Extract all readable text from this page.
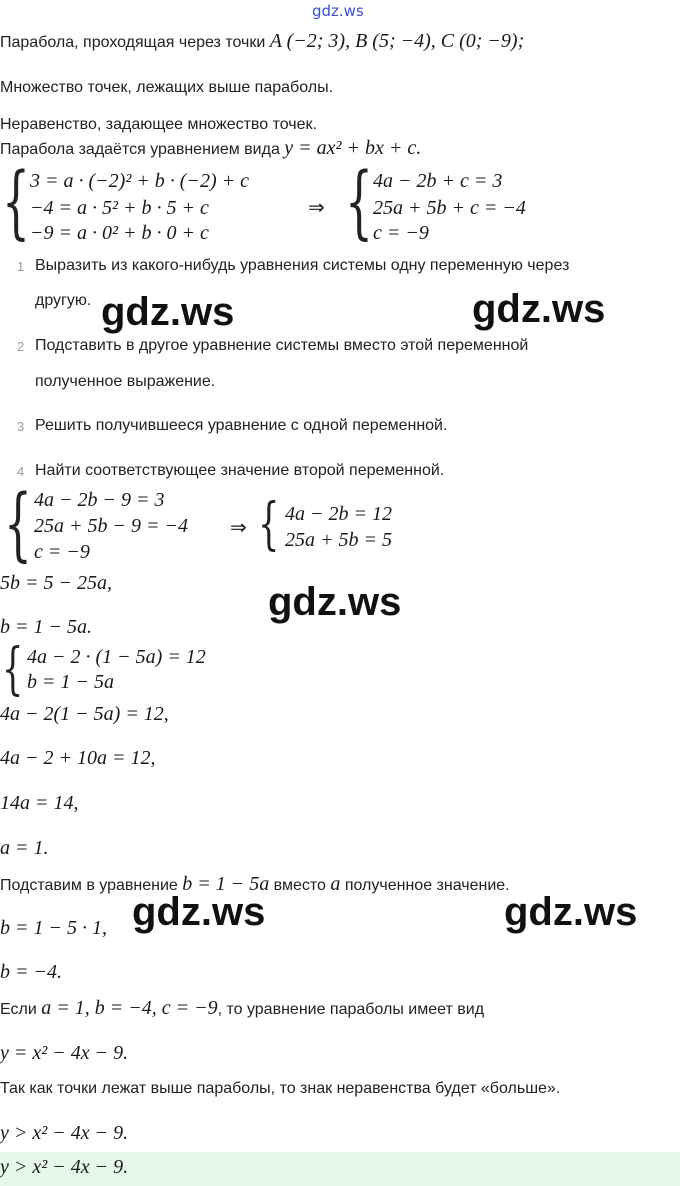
gdz.ws
Парабола, проходящая через точки A (−2; 3), B (5; −4), C (0; −9);
Множество точек, лежащих выше параболы.
Неравенство, задающее множество точек.
Парабола задаётся уравнением вида y = ax² + bx + c.
{ 3 = a · (−2)² + b · (−2) + c
−4 = a · 5² + b · 5 + c
−9 = a · 0² + b · 0 + c
⇒ { 4a − 2b + c = 3
25a + 5b + c = −4
c = −9
1 Выразить из какого-нибудь уравнения системы одну переменную через
другую.
2 Подставить в другое уравнение системы вместо этой переменной
полученное выражение.
3 Решить получившееся уравнение с одной переменной.
4 Найти соответствующее значение второй переменной.
{ 4a − 2b − 9 = 3
25a + 5b − 9 = −4
c = −9
⇒ { 4a − 2b = 12
25a + 5b = 5
5b = 5 − 25a,
b = 1 − 5a.
{ 4a − 2 · (1 − 5a) = 12
b = 1 − 5a
4a − 2(1 − 5a) = 12,
4a − 2 + 10a = 12,
14a = 14,
a = 1.
Подставим в уравнение b = 1 − 5a вместо a полученное значение.
b = 1 − 5 · 1,
b = −4.
Если a = 1, b = −4, c = −9, то уравнение параболы имеет вид
y = x² − 4x − 9.
Так как точки лежат выше параболы, то знак неравенства будет «больше».
y > x² − 4x − 9.
y > x² − 4x − 9.
gdz.ws	gdz.ws
gdz.ws
gdz.ws	gdz.ws
